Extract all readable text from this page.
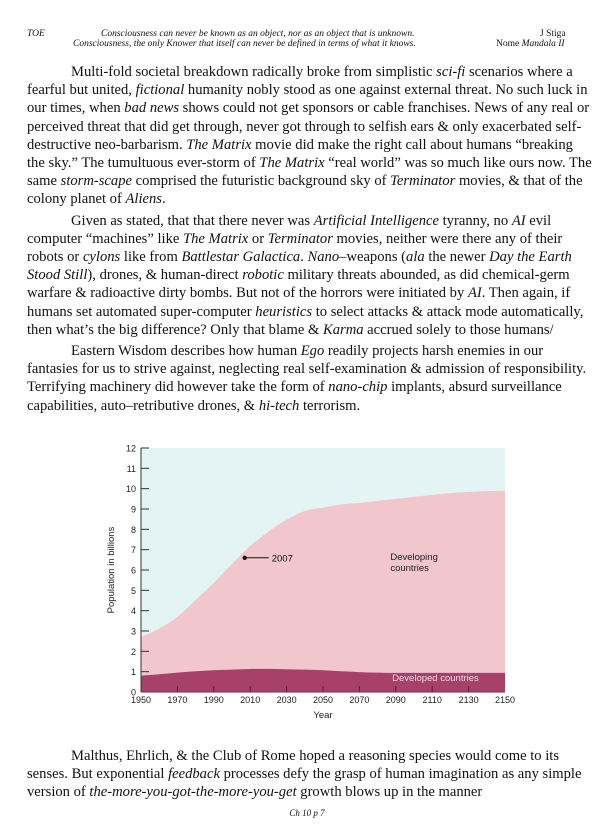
TOE	Consciousness can never be known as an object, nor as an object that is unknown.	J Stiga
Consciousness, the only Knower that itself can never be defined in terms of what it knows.	Nome Mandala II

Multi-fold societal breakdown radically broke from simplistic sci-fi scenarios where a fearful but united, fictional humanity nobly stood as one against external threat. No such luck in our times, when bad news shows could not get sponsors or cable franchises. News of any real or perceived threat that did get through, never got through to selfish ears & only exacerbated self-destructive neo-barbarism. The Matrix movie did make the right call about humans “breaking the sky.” The tumultuous ever-storm of The Matrix “real world” was so much like ours now. The same storm-scape comprised the futuristic background sky of Terminator movies, & that of the colony planet of Aliens.

Given as stated, that that there never was Artificial Intelligence tyranny, no AI evil computer “machines” like The Matrix or Terminator movies, neither were there any of their robots or cylons like from Battlestar Galactica. Nano–weapons (ala the newer Day the Earth Stood Still), drones, & human-direct robotic military threats abounded, as did chemical-germ warfare & radioactive dirty bombs. But not of the horrors were initiated by AI. Then again, if humans set automated super-computer heuristics to select attacks & attack mode automatically, then what’s the big difference? Only that blame & Karma accrued solely to those humans/

Eastern Wisdom describes how human Ego readily projects harsh enemies in our fantasies for us to strive against, neglecting real self-examination & admission of responsibility. Terrifying machinery did however take the form of nano-chip implants, absurd surveillance capabilities, auto–retributive drones, & hi-tech terrorism.

0
1
2
3
4
5
6
7
8
9
10
11
12
1950 1970 1990 2010 2030 2050 2070 2090 2110 2130 2150
Year
Population in billions	2007	Developing
countries
Developed countries

Malthus, Ehrlich, & the Club of Rome hoped a reasoning species would come to its senses. But exponential feedback processes defy the grasp of human imagination as any simple version of the-more-you-got-the-more-you-get growth blows up in the manner

Ch 10 p 7
